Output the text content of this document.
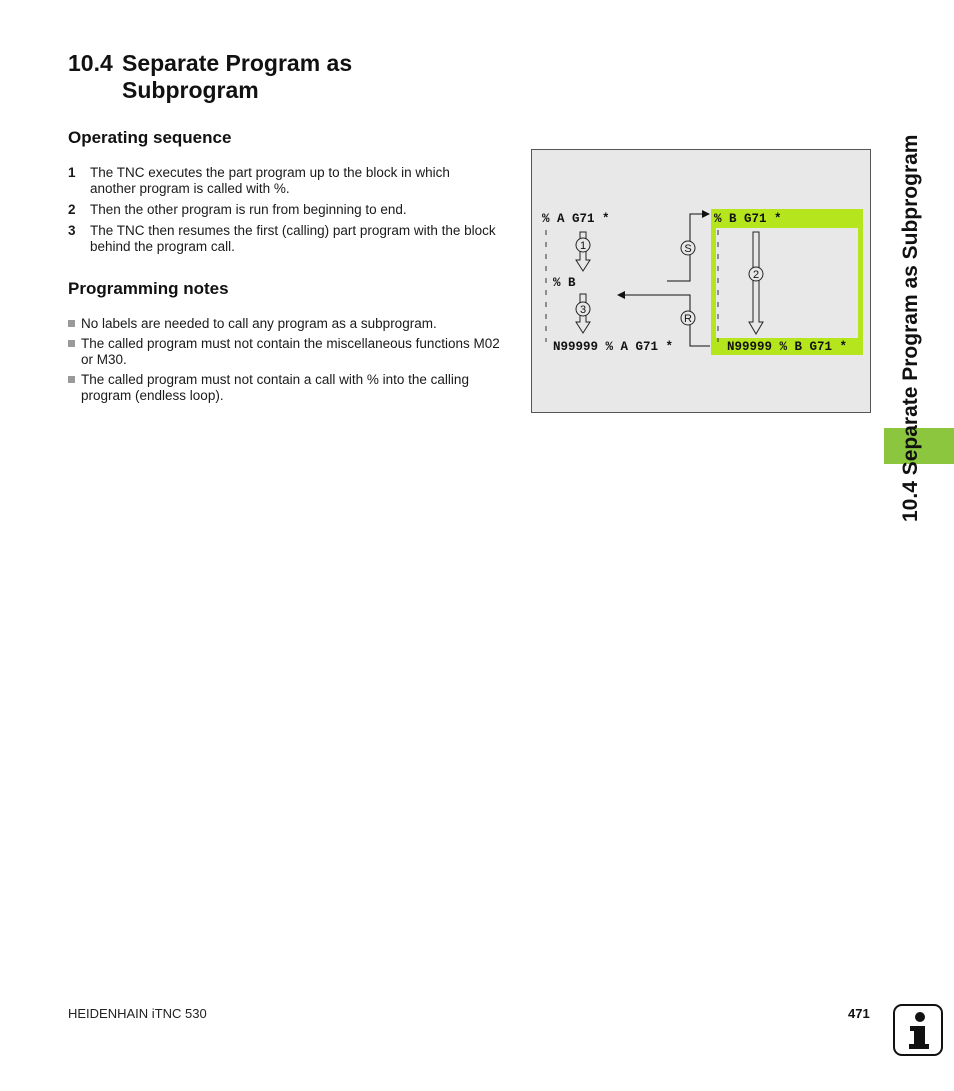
10.4 Separate Program as
Subprogram
Operating sequence
1	The TNC executes the part program up to the block in which another program is called with %.
2	Then the other program is run from beginning to end.
3	The TNC then resumes the first (calling) part program with the block behind the program call.
Programming notes
No labels are needed to call any program as a subprogram.
The called program must not contain the miscellaneous functions M02 or M30.
The called program must not contain a call with % into the calling program (endless loop).
% A G71 *
% B
N99999 % A G71 *
% B G71 *
N99999 % B G71 *
1
3
2
S
R	10.4 Separate Program as Subprogram
HEIDENHAIN iTNC 530	471
